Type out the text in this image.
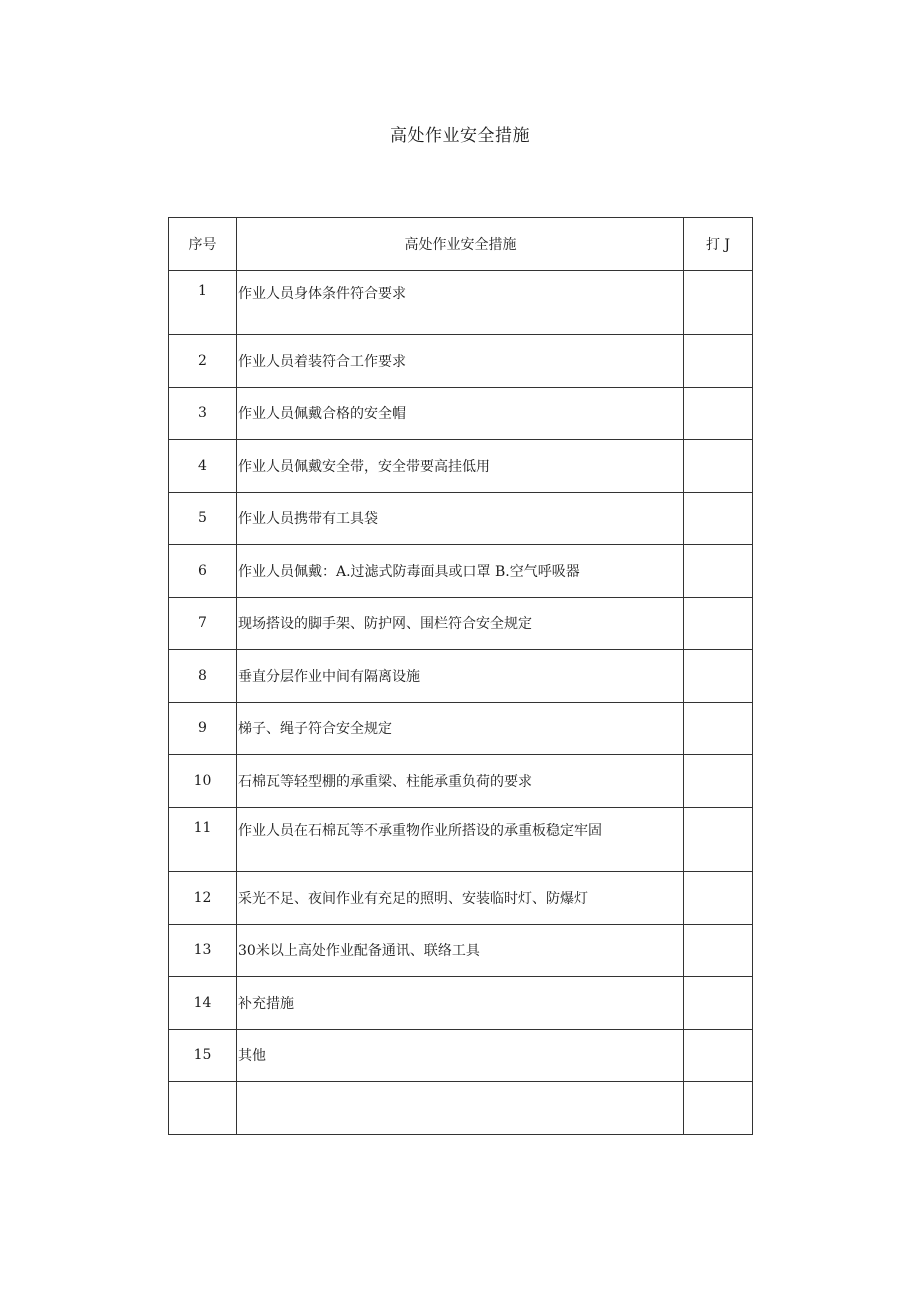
高处作业安全措施
序号	高处作业安全措施	打 J
1	作业人员身体条件符合要求	
2	作业人员着装符合工作要求	
3	作业人员佩戴合格的安全帽	
4	作业人员佩戴安全带，安全带要高挂低用	
5	作业人员携带有工具袋	
6	作业人员佩戴：A.过滤式防毒面具或口罩 B.空气呼吸器	
7	现场搭设的脚手架、防护网、围栏符合安全规定	
8	垂直分层作业中间有隔离设施	
9	梯子、绳子符合安全规定	
10	石棉瓦等轻型棚的承重梁、柱能承重负荷的要求	
11	作业人员在石棉瓦等不承重物作业所搭设的承重板稳定牢固	
12	采光不足、夜间作业有充足的照明、安装临时灯、防爆灯	
13	30米以上高处作业配备通讯、联络工具	
14	补充措施	
15	其他	
